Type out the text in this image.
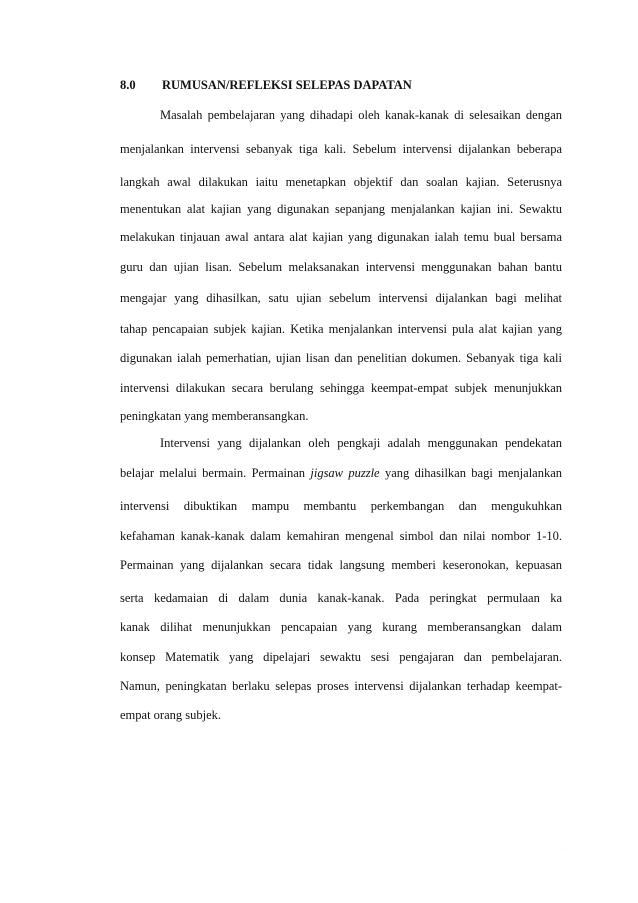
8.0 RUMUSAN/REFLEKSI SELEPAS DAPATAN
Masalah pembelajaran yang dihadapi oleh kanak-kanak di selesaikan dengan
menjalankan intervensi sebanyak tiga kali. Sebelum intervensi dijalankan beberapa
langkah awal dilakukan iaitu menetapkan objektif dan soalan kajian. Seterusnya
menentukan alat kajian yang digunakan sepanjang menjalankan kajian ini. Sewaktu
melakukan tinjauan awal antara alat kajian yang digunakan ialah temu bual bersama
guru dan ujian lisan. Sebelum melaksanakan intervensi menggunakan bahan bantu
mengajar yang dihasilkan, satu ujian sebelum intervensi dijalankan bagi melihat
tahap pencapaian subjek kajian. Ketika menjalankan intervensi pula alat kajian yang
digunakan ialah pemerhatian, ujian lisan dan penelitian dokumen. Sebanyak tiga kali
intervensi dilakukan secara berulang sehingga keempat-empat subjek menunjukkan
peningkatan yang memberansangkan.
Intervensi yang dijalankan oleh pengkaji adalah menggunakan pendekatan
belajar melalui bermain. Permainan jigsaw puzzle yang dihasilkan bagi menjalankan
intervensi dibuktikan mampu membantu perkembangan dan mengukuhkan
kefahaman kanak-kanak dalam kemahiran mengenal simbol dan nilai nombor 1-10.
Permainan yang dijalankan secara tidak langsung memberi keseronokan, kepuasan
serta kedamaian di dalam dunia kanak-kanak. Pada peringkat permulaan ka
kanak dilihat menunjukkan pencapaian yang kurang memberansangkan dalam
konsep Matematik yang dipelajari sewaktu sesi pengajaran dan pembelajaran.
Namun, peningkatan berlaku selepas proses intervensi dijalankan terhadap keempat-
empat orang subjek.
·
